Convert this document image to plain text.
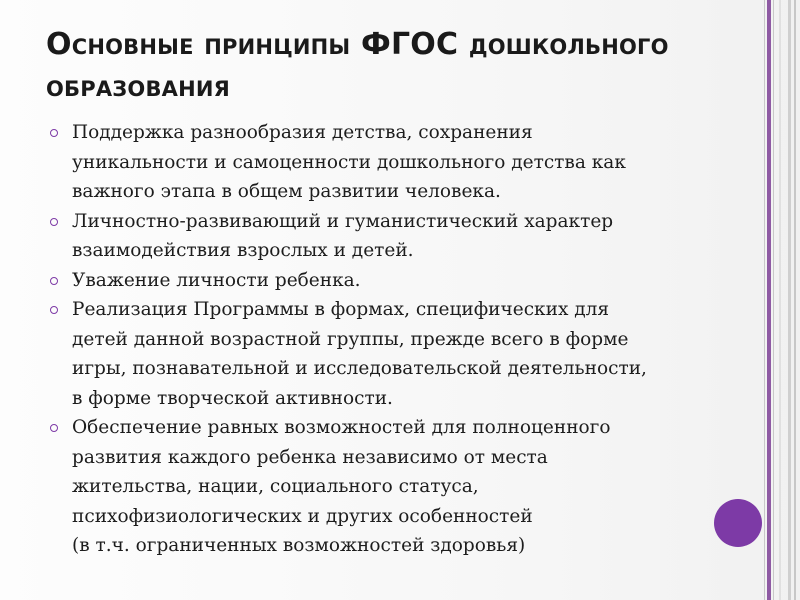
Основные принципы ФГОС дошкольного
образования
Поддержка разнообразия детства, сохранения
уникальности и самоценности дошкольного детства как
важного этапа в общем развитии человека.
Личностно-развивающий и гуманистический характер
взаимодействия взрослых и детей.
Уважение личности ребенка.
Реализация Программы в формах, специфических для
детей данной возрастной группы, прежде всего в форме
игры, познавательной и исследовательской деятельности,
в форме творческой активности.
Обеспечение равных возможностей для полноценного
развития каждого ребенка независимо от места
жительства, нации, социального статуса,
психофизиологических и других особенностей
(в т.ч. ограниченных возможностей здоровья)
